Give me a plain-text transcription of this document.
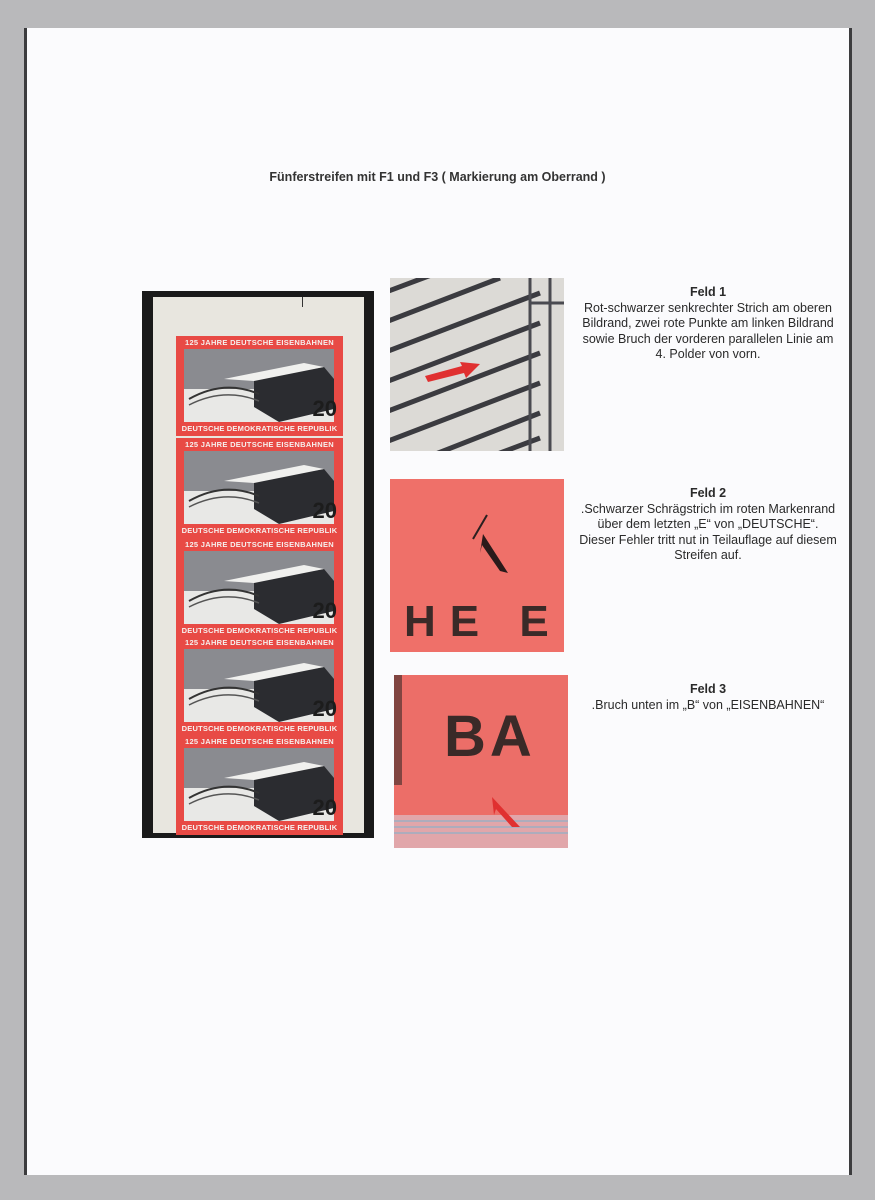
Fünferstreifen mit F1 und F3 ( Markierung am Oberrand )
125 JAHRE DEUTSCHE EISENBAHNEN
20
DEUTSCHE DEMOKRATISCHE REPUBLIK
125 JAHRE DEUTSCHE EISENBAHNEN
20
DEUTSCHE DEMOKRATISCHE REPUBLIK
125 JAHRE DEUTSCHE EISENBAHNEN
20
DEUTSCHE DEMOKRATISCHE REPUBLIK
125 JAHRE DEUTSCHE EISENBAHNEN
20
DEUTSCHE DEMOKRATISCHE REPUBLIK
125 JAHRE DEUTSCHE EISENBAHNEN
20
DEUTSCHE DEMOKRATISCHE REPUBLIK
HE E
BA
Feld 1
Rot-schwarzer senkrechter Strich am oberen Bildrand, zwei rote Punkte am linken Bildrand sowie Bruch der vorderen parallelen Linie am 4. Polder von vorn.
Feld 2
.Schwarzer Schrägstrich im roten Markenrand über dem letzten „E“ von „DEUTSCHE“. Dieser Fehler tritt nut in Teilauflage auf diesem Streifen auf.
Feld 3
.Bruch unten im „B“ von „EISENBAHNEN“
